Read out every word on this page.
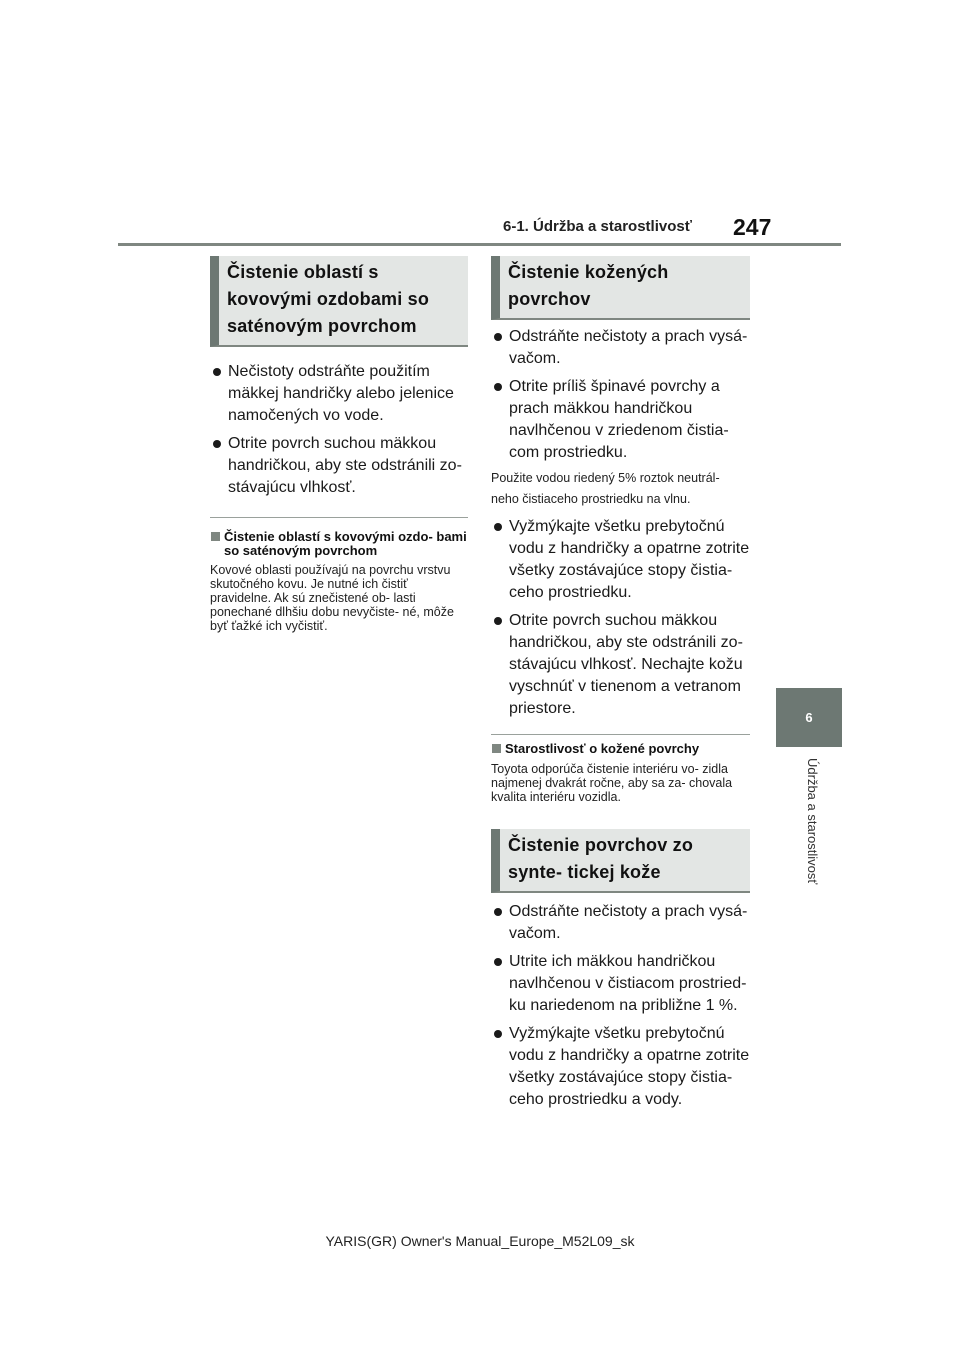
6-1. Údržba a starostlivosť 247
6
Údržba a starostlivosť
Čistenie oblastí s kovovými ozdobami so saténovým povrchom
Nečistoty odstráňte použitím mäkkej handričky alebo jelenice namočených vo vode.
Otrite povrch suchou mäkkou handričkou, aby ste odstránili zo- stávajúcu vlhkosť.
Čistenie oblastí s kovovými ozdo- bami so saténovým povrchom
Kovové oblasti používajú na povrchu vrstvu skutočného kovu. Je nutné ich čistiť pravidelne. Ak sú znečistené ob- lasti ponechané dlhšiu dobu nevyčiste- né, môže byť ťažké ich vyčistiť.
Čistenie kožených povrchov
Odstráňte nečistoty a prach vysá- vačom.
Otrite príliš špinavé povrchy a prach mäkkou handričkou navlhčenou v zriedenom čistia- com prostriedku.
Použite vodou riedený 5% roztok neutrál- neho čistiaceho prostriedku na vlnu.
Vyžmýkajte všetku prebytočnú vodu z handričky a opatrne zotrite všetky zostávajúce stopy čistia- ceho prostriedku.
Otrite povrch suchou mäkkou handričkou, aby ste odstránili zo- stávajúcu vlhkosť. Nechajte kožu vyschnúť v tienenom a vetranom priestore.
Starostlivosť o kožené povrchy
Toyota odporúča čistenie interiéru vo- zidla najmenej dvakrát ročne, aby sa za- chovala kvalita interiéru vozidla.
Čistenie povrchov zo synte- tickej kože
Odstráňte nečistoty a prach vysá- vačom.
Utrite ich mäkkou handričkou navlhčenou v čistiacom prostried- ku nariedenom na približne 1 %.
Vyžmýkajte všetku prebytočnú vodu z handričky a opatrne zotrite všetky zostávajúce stopy čistia- ceho prostriedku a vody.
YARIS(GR) Owner's Manual_Europe_M52L09_sk
